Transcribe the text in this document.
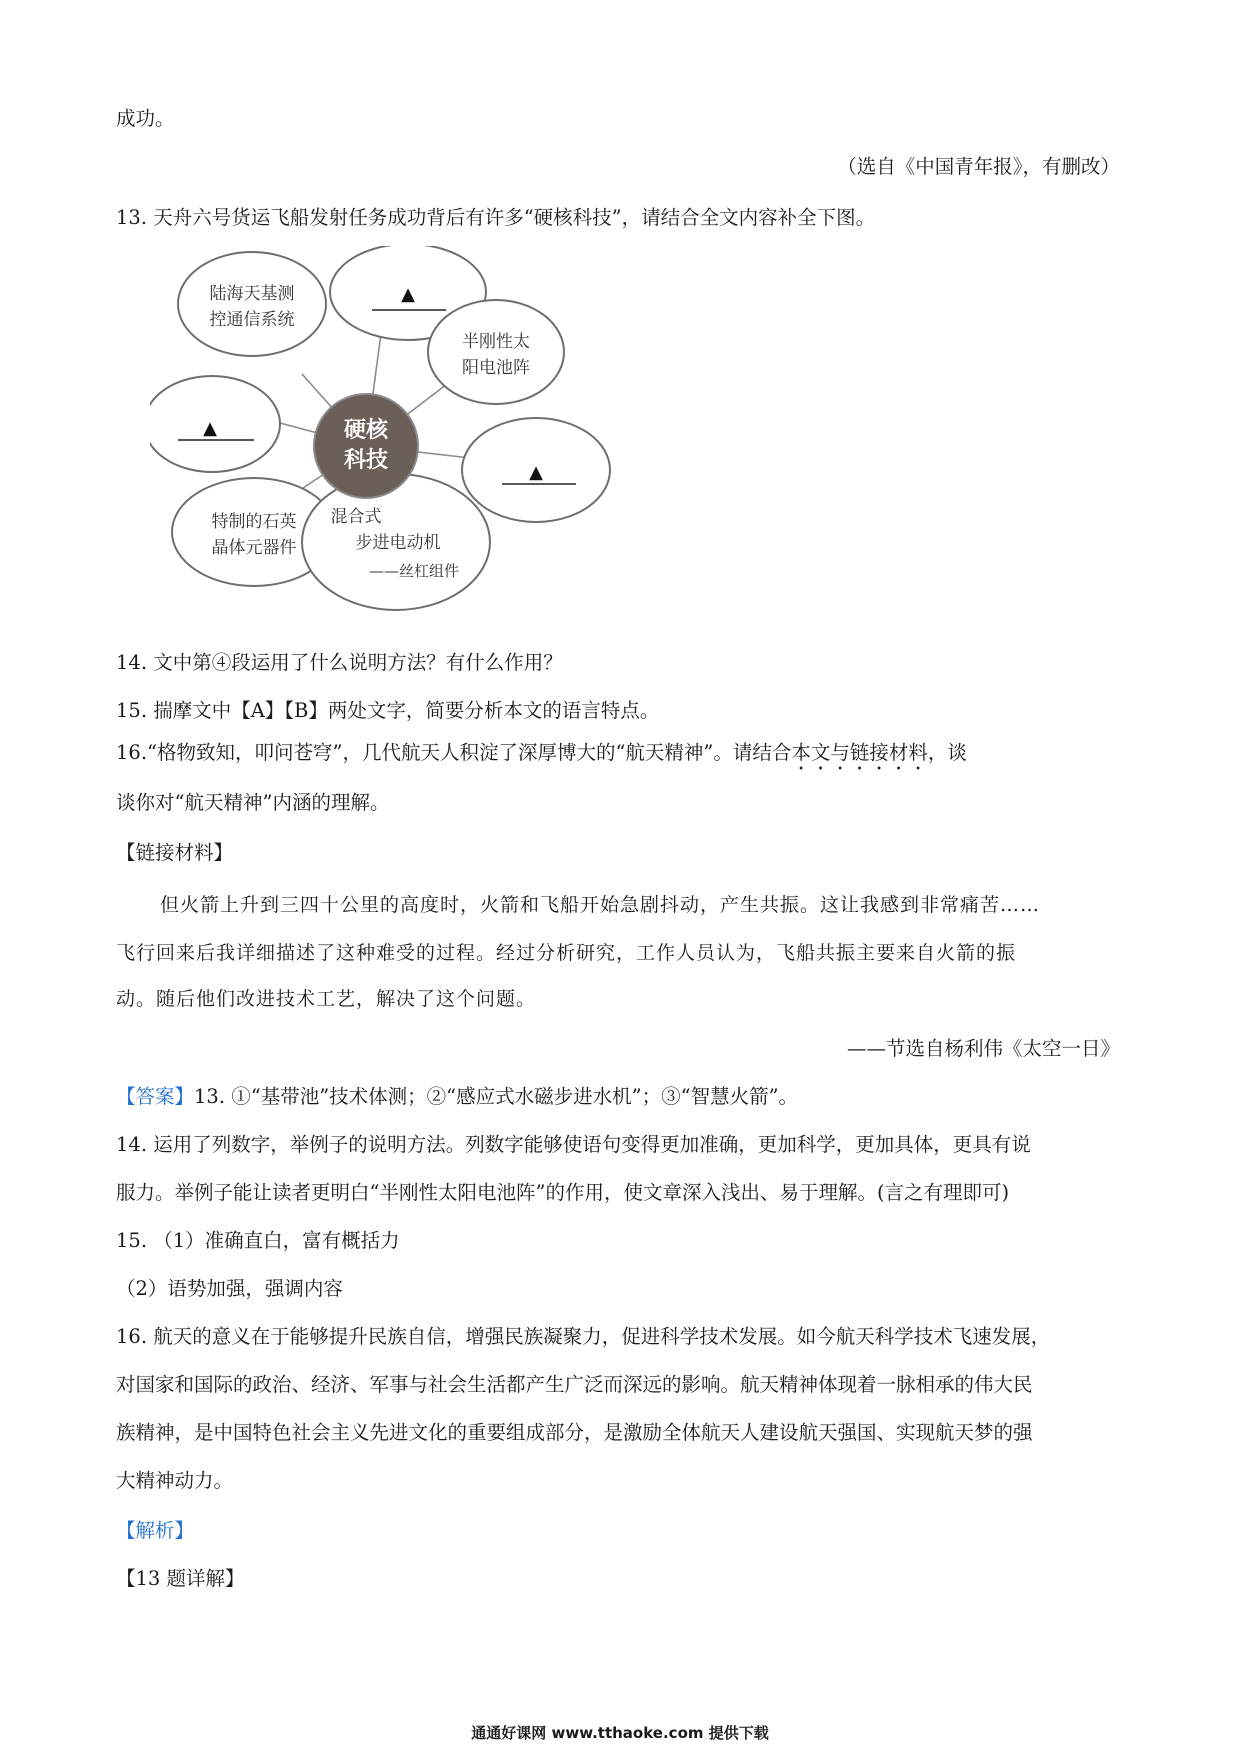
成功。
（选自《中国青年报》，有删改）
13. 天舟六号货运飞船发射任务成功背后有许多“硬核科技”，请结合全文内容补全下图。
硬核
科技
陆海天基测
控通信系统
半刚性太
阳电池阵
特制的石英
晶体元器件
混合式
步进电动机
——丝杠组件
▲
▲
▲
14. 文中第④段运用了什么说明方法？有什么作用？
15. 揣摩文中【A】【B】两处文字，简要分析本文的语言特点。
16.“格物致知，叩问苍穹”，几代航天人积淀了深厚博大的“航天精神”。请结合本文与链接材料，谈
谈你对“航天精神”内涵的理解。
【链接材料】
但火箭上升到三四十公里的高度时，火箭和飞船开始急剧抖动，产生共振。这让我感到非常痛苦……
飞行回来后我详细描述了这种难受的过程。经过分析研究，工作人员认为，飞船共振主要来自火箭的振
动。随后他们改进技术工艺，解决了这个问题。
——节选自杨利伟《太空一日》
【答案】13. ①“基带池”技术体测；②“感应式水磁步进水机”；③“智慧火箭”。
14. 运用了列数字，举例子的说明方法。列数字能够使语句变得更加准确，更加科学，更加具体，更具有说
服力。举例子能让读者更明白“半刚性太阳电池阵”的作用，使文章深入浅出、易于理解。(言之有理即可)
15. （1）准确直白，富有概括力
（2）语势加强，强调内容
16. 航天的意义在于能够提升民族自信，增强民族凝聚力，促进科学技术发展。如今航天科学技术飞速发展，
对国家和国际的政治、经济、军事与社会生活都产生广泛而深远的影响。航天精神体现着一脉相承的伟大民
族精神，是中国特色社会主义先进文化的重要组成部分，是激励全体航天人建设航天强国、实现航天梦的强
大精神动力。
【解析】
【13 题详解】
通通好课网 www.tthaoke.com 提供下载
